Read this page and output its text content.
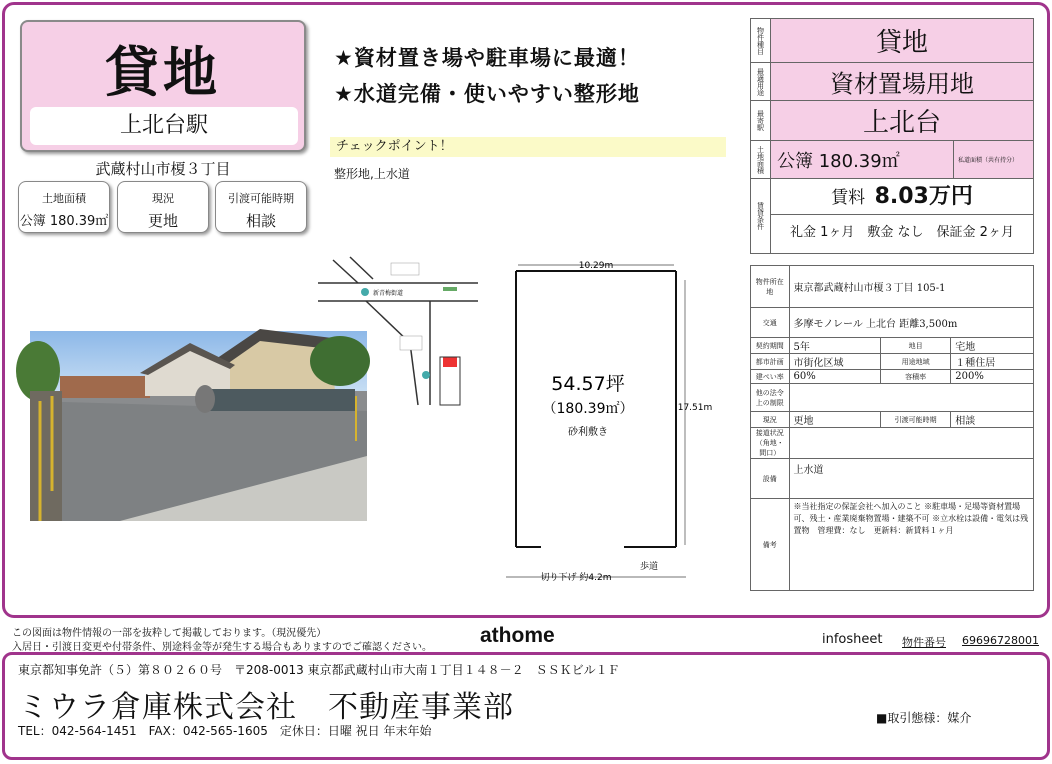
貸地
上北台駅
武蔵村山市榎３丁目
土地面積
公簿 180.39㎡
現況
更地
引渡可能時期
相談
★資材置き場や駐車場に最適！
★水道完備・使いやすい整形地
チェックポイント！
整形地,上水道
新青梅街道
10.29m
17.51m
54.57坪
（180.39㎡）
砂利敷き
歩道
切り下げ 約4.2m
物件種目	貸地	
最適用途	資材置場用地	
最寄駅	上北台	
土地面積	公簿 180.39㎡	私道面積（共有持分）
賃貸条件	賃料 8.03万円
礼金 1ヶ月　敷金 なし　保証金 2ヶ月	
物件所在地	東京都武蔵村山市榎３丁目 105-1		
交通	多摩モノレール 上北台 距離3,500m		
契約期間	5年	地目	宅地
都市計画	市街化区域	用途地域	１種住居
建ぺい率	60%	容積率	200%
他の法令上の制限			
現況	更地	引渡可能時期	相談
接道状況（角地・間口）			
設備	上水道		
備考	※当社指定の保証会社へ加入のこと ※駐車場・足場等資材置場可、残土・産業廃棄物置場・建築不可 ※立水栓は設備・電気は残置物　管理費：なし　更新料：新賃料１ヶ月		
この図面は物件情報の一部を抜粋して掲載しております。（現況優先）
入居日・引渡日変更や付帯条件、別途料金等が発生する場合もありますのでご確認ください。
athome	infosheet 物件番号 69696728001
東京都知事免許（５）第８０２６０号　〒208-0013 東京都武蔵村山市大南１丁目１４８－２　ＳＳＫビル１Ｆ
ミウラ倉庫株式会社　不動産事業部
TEL：042-564-1451　FAX：042-565-1605　定休日：日曜 祝日 年末年始
■取引態様：媒介
